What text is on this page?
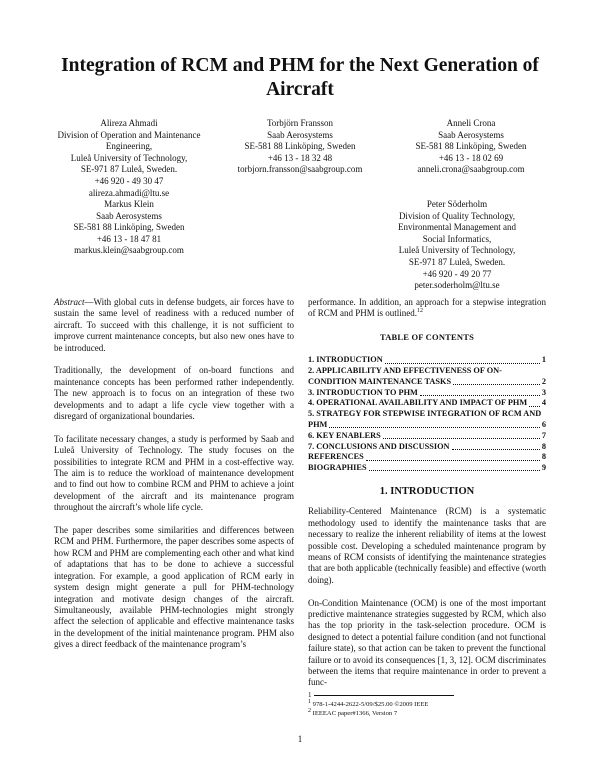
Integration of RCM and PHM for the Next Generation of Aircraft
Alireza Ahmadi
Division of Operation and Maintenance
Engineering,
Luleå University of Technology,
SE-971 87 Luleå, Sweden.
+46 920 - 49 30 47
alireza.ahmadi@ltu.se
Torbjörn Fransson
Saab Aerosystems
SE-581 88 Linköping, Sweden
+46 13 - 18 32 48
torbjorn.fransson@saabgroup.com
Anneli Crona
Saab Aerosystems
SE-581 88 Linköping, Sweden
+46 13 - 18 02 69
anneli.crona@saabgroup.com
Markus Klein
Saab Aerosystems
SE-581 88 Linköping, Sweden
+46 13 - 18 47 81
markus.klein@saabgroup.com
Peter Söderholm
Division of Quality Technology,
Environmental Management and
Social Informatics,
Luleå University of Technology,
SE-971 87 Luleå, Sweden.
+46 920 - 49 20 77
peter.soderholm@ltu.se

Abstract—With global cuts in defense budgets, air forces have to sustain the same level of readiness with a reduced number of aircraft. To succeed with this challenge, it is not sufficient to improve current maintenance concepts, but also new ones have to be introduced.

Traditionally, the development of on-board functions and maintenance concepts has been performed rather independently. The new approach is to focus on an integration of these two developments and to adapt a life cycle view together with a disregard of organizational boundaries.

To facilitate necessary changes, a study is performed by Saab and Luleå University of Technology. The study focuses on the possibilities to integrate RCM and PHM in a cost-effective way. The aim is to reduce the workload of maintenance development and to find out how to combine RCM and PHM to achieve a joint development of the aircraft and its maintenance program throughout the aircraft’s whole life cycle.

The paper describes some similarities and differences between RCM and PHM. Furthermore, the paper describes some aspects of how RCM and PHM are complementing each other and what kind of adaptations that has to be done to achieve a successful integration. For example, a good application of RCM early in system design might generate a pull for PHM-technology integration and motivate design changes of the aircraft. Simultaneously, available PHM-technologies might strongly affect the selection of applicable and effective maintenance tasks in the development of the initial maintenance program. PHM also gives a direct feedback of the maintenance program’s

performance. In addition, an approach for a stepwise integration of RCM and PHM is outlined.$^{12}$

TABLE OF CONTENTS
1. INTRODUCTION	1
2. APPLICABILITY AND EFFECTIVENESS OF ON-
CONDITION MAINTENANCE TASKS	2
3. INTRODUCTION TO PHM	3
4. OPERATIONAL AVAILABILITY AND IMPACT OF PHM 4
5. STRATEGY FOR STEPWISE INTEGRATION OF RCM AND
PHM	6
6. KEY ENABLERS	7
7. CONCLUSIONS AND DISCUSSION	8
REFERENCES	8
BIOGRAPHIES	9
1. INTRODUCTION

Reliability-Centered Maintenance (RCM) is a systematic methodology used to identify the maintenance tasks that are necessary to realize the inherent reliability of items at the lowest possible cost. Developing a scheduled maintenance program by means of RCM consists of identifying the maintenance strategies that are both applicable (technically feasible) and effective (worth doing).

On-Condition Maintenance (OCM) is one of the most important predictive maintenance strategies suggested by RCM, which also has the top priority in the task-selection procedure. OCM is designed to detect a potential failure condition (and not functional failure state), so that action can be taken to prevent the functional failure or to avoid its consequences [1, 3, 12]. OCM discriminates between the items that require maintenance in order to prevent a func-

1
1 978-1-4244-2622-5/09/$25.00 ©2009 IEEE
2 IEEEAC paper#1366, Version 7
1
